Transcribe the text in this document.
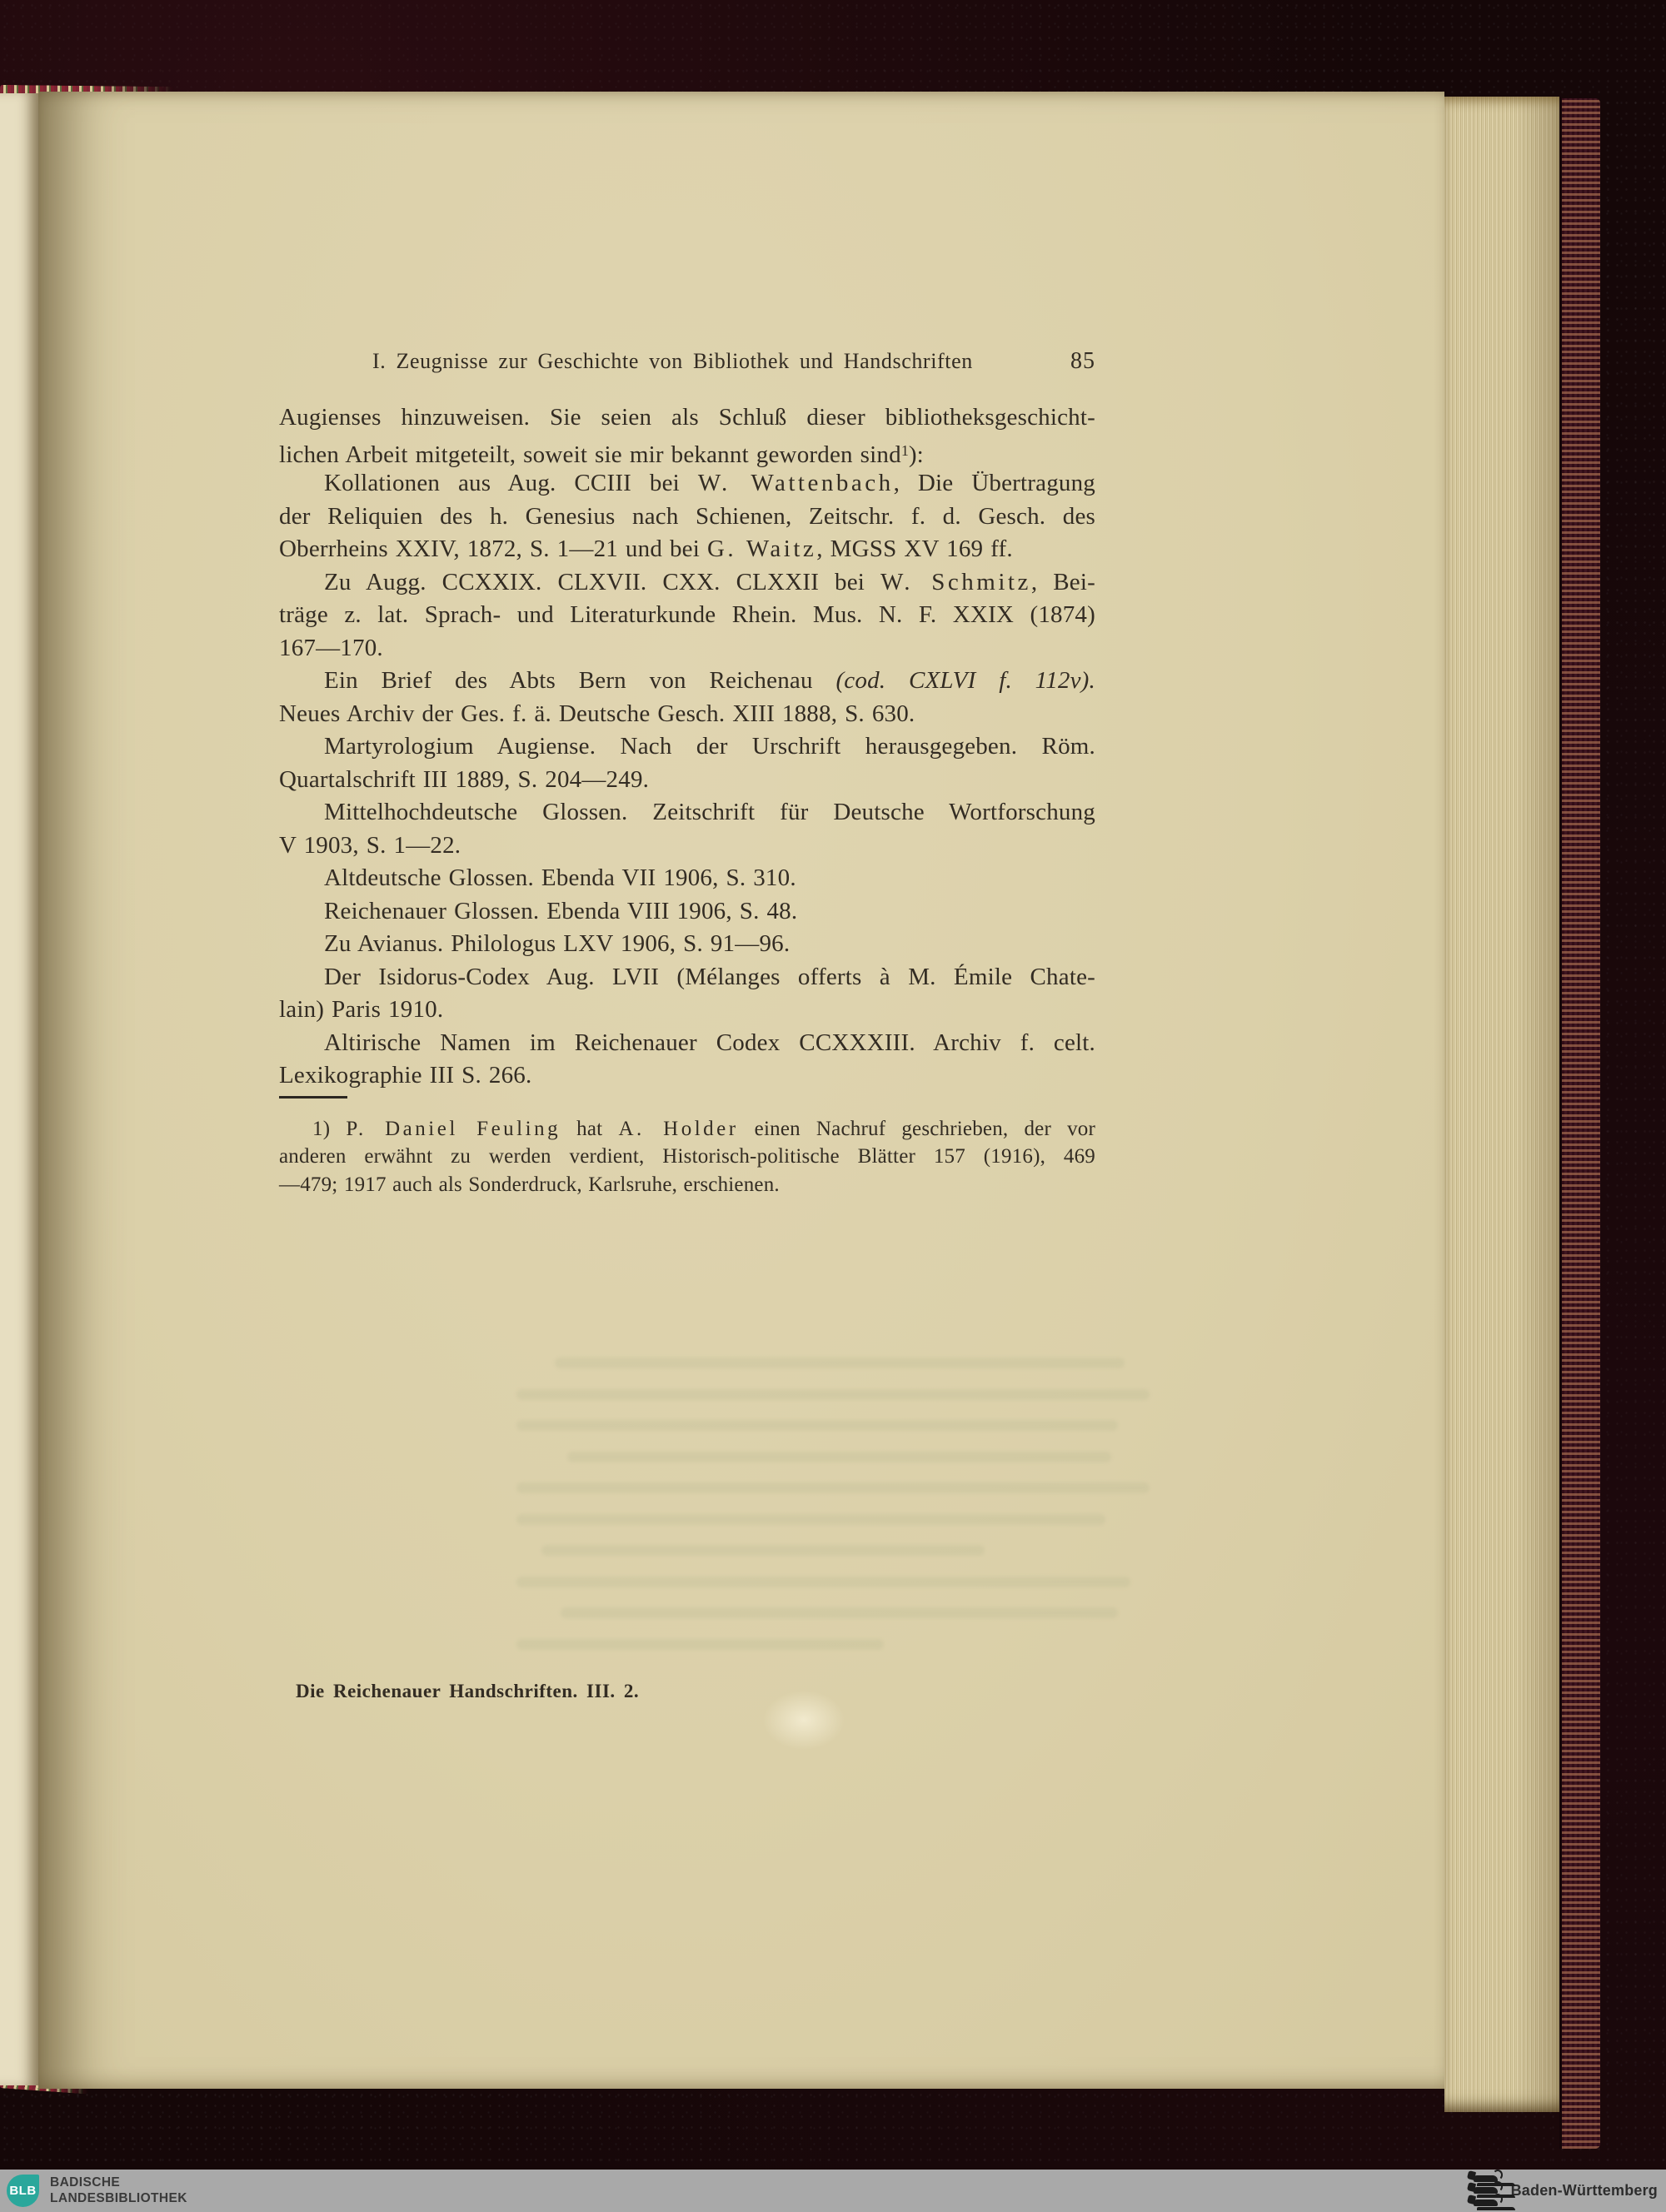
I. Zeugnisse zur Geschichte von Bibliothek und Handschriften	85
Augienses hinzuweisen. Sie seien als Schluß dieser bibliotheksgeschicht-
lichen Arbeit mitgeteilt, soweit sie mir bekannt geworden sind$^1$):
Kollationen aus Aug. CCIII bei W. Wattenbach, Die Übertragung
der Reliquien des h. Genesius nach Schienen, Zeitschr. f. d. Gesch. des
Oberrheins XXIV, 1872, S. 1—21 und bei G. Waitz, MGSS XV 169 ff.
Zu Augg. CCXXIX. CLXVII. CXX. CLXXII bei W. Schmitz, Bei-
träge z. lat. Sprach- und Literaturkunde Rhein. Mus. N. F. XXIX (1874)
167—170.
Ein Brief des Abts Bern von Reichenau (cod. CXLVI f. 112v).
Neues Archiv der Ges. f. ä. Deutsche Gesch. XIII 1888, S. 630.
Martyrologium Augiense. Nach der Urschrift herausgegeben. Röm.
Quartalschrift III 1889, S. 204—249.
Mittelhochdeutsche Glossen. Zeitschrift für Deutsche Wortforschung
V 1903, S. 1—22.
Altdeutsche Glossen. Ebenda VII 1906, S. 310.
Reichenauer Glossen. Ebenda VIII 1906, S. 48.
Zu Avianus. Philologus LXV 1906, S. 91—96.
Der Isidorus-Codex Aug. LVII (Mélanges offerts à M. Émile Chate-
lain) Paris 1910.
Altirische Namen im Reichenauer Codex CCXXXIII. Archiv f. celt.
Lexikographie III S. 266.
1) P. Daniel Feuling hat A. Holder einen Nachruf geschrieben, der vor
anderen erwähnt zu werden verdient, Historisch-politische Blätter 157 (1916), 469
—479; 1917 auch als Sonderdruck, Karlsruhe, erschienen.
Die Reichenauer Handschriften. III. 2.
BLB
BADISCHE
LANDESBIBLIOTHEK	Baden-Württemberg
